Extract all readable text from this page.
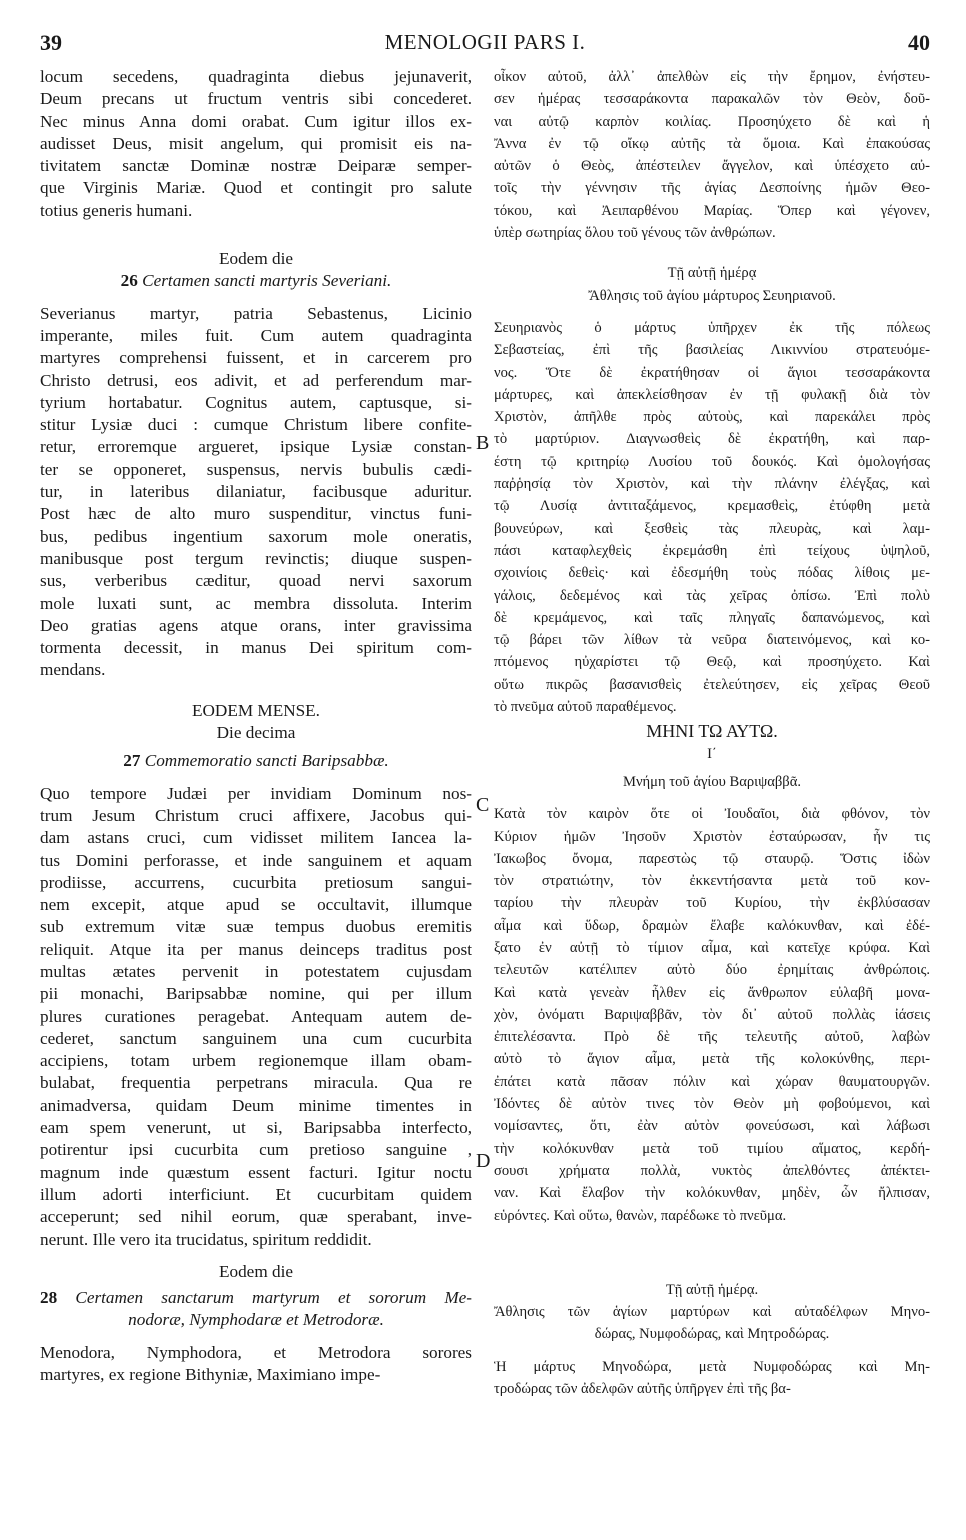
39	MENOLOGII PARS I.	40
B
C
D
locum secedens, quadraginta diebus jejunaverit,
Deum precans ut fructum ventris sibi concederet.
Nec minus Anna domi orabat. Cum igitur illos ex-
audisset Deus, misit angelum, qui promisit eis na-
tivitatem sanctæ Dominæ nostræ Deiparæ semper-
que Virginis Mariæ. Quod et contingit pro salute
totius generis humani.
Eodem die
26 Certamen sancti martyris Severiani.
Severianus martyr, patria Sebastenus, Licinio
imperante, miles fuit. Cum autem quadraginta
martyres comprehensi fuissent, et in carcerem pro
Christo detrusi, eos adivit, et ad perferendum mar-
tyrium hortabatur. Cognitus autem, captusque, si-
stitur Lysiæ duci : cumque Christum libere confite-
retur, erroremque argueret, ipsique Lysiæ constan-
ter se opponeret, suspensus, nervis bubulis cædi-
tur, in lateribus dilaniatur, facibusque aduritur.
Post hæc de alto muro suspenditur, vinctus funi-
bus, pedibus ingentium saxorum mole oneratis,
manibusque post tergum revinctis; diuque suspen-
sus, verberibus cæditur, quoad nervi saxorum
mole luxati sunt, ac membra dissoluta. Interim
Deo gratias agens atque orans, inter gravissima
tormenta decessit, in manus Dei spiritum com-
mendans.
EODEM MENSE.
Die decima
27 Commemoratio sancti Baripsabbæ.
Quo tempore Judæi per invidiam Dominum nos-
trum Jesum Christum cruci affixere, Jacobus qui-
dam astans cruci, cum vidisset militem Iancea la-
tus Domini perforasse, et inde sanguinem et aquam
prodiisse, accurrens, cucurbita pretiosum sangui-
nem excepit, atque apud se occultavit, illumque
sub extremum vitæ suæ tempus duobus eremitis
reliquit. Atque ita per manus deinceps traditus post
multas ætates pervenit in potestatem cujusdam
pii monachi, Baripsabbæ nomine, qui per illum
plures curationes peragebat. Antequam autem de-
cederet, sanctum sanguinem una cum cucurbita
accipiens, totam urbem regionemque illam obam-
bulabat, frequentia perpetrans miracula. Qua re
animadversa, quidam Deum minime timentes in
eam spem venerunt, ut si, Baripsabba interfecto,
potirentur ipsi cucurbita cum pretioso sanguine ,
magnum inde quæstum essent facturi. Igitur noctu
illum adorti interficiunt. Et cucurbitam quidem
acceperunt; sed nihil eorum, quæ sperabant, inve-
nerunt. Ille vero ita trucidatus, spiritum reddidit.
Eodem die
28 Certamen sanctarum martyrum et sororum Me-
nodoræ, Nymphodaræ et Metrodoræ.
Menodora, Nymphodora, et Metrodora sorores
martyres, ex regione Bithyniæ, Maximiano impe-
οἶκον αὐτοῦ, ἀλλ᾽ ἀπελθὼν εἰς τὴν ἔρημον, ἐνήστευ-
σεν ἡμέρας τεσσαράκοντα παρακαλῶν τὸν Θεὸν, δοῦ-
ναι αὐτῷ καρπὸν κοιλίας. Προσηύχετο δὲ καὶ ἡ
Ἄννα ἐν τῷ οἴκῳ αὐτῆς τὰ ὅμοια. Καὶ ἐπακούσας
αὐτῶν ὁ Θεὸς, ἀπέστειλεν ἄγγελον, καὶ ὑπέσχετο αὐ-
τοῖς τὴν γέννησιν τῆς ἁγίας Δεσποίνης ἡμῶν Θεο-
τόκου, καὶ Ἀειπαρθένου Μαρίας. Ὅπερ καὶ γέγονεν,
ὑπὲρ σωτηρίας ὅλου τοῦ γένους τῶν ἀνθρώπων.
Τῇ αὐτῇ ἡμέρᾳ
Ἄθλησις τοῦ ἁγίου μάρτυρος Σευηριανοῦ.
Σευηριανὸς ὁ μάρτυς ὑπῆρχεν ἐκ τῆς πόλεως
Σεβαστείας, ἐπὶ τῆς βασιλείας Λικιννίου στρατευόμε-
νος. Ὅτε δὲ ἐκρατήθησαν οἱ ἅγιοι τεσσαράκοντα
μάρτυρες, καὶ ἀπεκλείσθησαν ἐν τῇ φυλακῇ διὰ τὸν
Χριστὸν, ἀπῆλθε πρὸς αὐτοὺς, καὶ παρεκάλει πρὸς
τὸ μαρτύριον. Διαγνωσθεὶς δὲ ἐκρατήθη, καὶ παρ-
έστη τῷ κριτηρίῳ Λυσίου τοῦ δουκός. Καὶ ὁμολογήσας
παῤῥησίᾳ τὸν Χριστὸν, καὶ τὴν πλάνην ἐλέγξας, καὶ
τῷ Λυσίᾳ ἀντιταξάμενος, κρεμασθεὶς, ἐτύφθη μετὰ
βουνεύρων, καὶ ξεσθεὶς τὰς πλευρὰς, καὶ λαμ-
πάσι καταφλεχθεὶς ἐκρεμάσθη ἐπὶ τείχους ὑψηλοῦ,
σχοινίοις δεθεὶς· καὶ ἐδεσμήθη τοὺς πόδας λίθοις με-
γάλοις, δεδεμένος καὶ τὰς χεῖρας ὀπίσω. Ἐπὶ πολὺ
δὲ κρεμάμενος, καὶ ταῖς πληγαῖς δαπανώμενος, καὶ
τῷ βάρει τῶν λίθων τὰ νεῦρα διατεινόμενος, καὶ κο-
πτόμενος ηὐχαρίστει τῷ Θεῷ, καὶ προσηύχετο. Καὶ
οὕτω πικρῶς βασανισθεὶς ἐτελεύτησεν, εἰς χεῖρας Θεοῦ
τὸ πνεῦμα αὐτοῦ παραθέμενος.
ΜΗΝΙ ΤΩ ΑΥΤΩ.
Ι΄
Μνήμη τοῦ ἁγίου Βαριψαββᾶ.
Κατὰ τὸν καιρὸν ὅτε οἱ Ἰουδαῖοι, διὰ φθόνον, τὸν
Κύριον ἡμῶν Ἰησοῦν Χριστὸν ἐσταύρωσαν, ἦν τις
Ἰακωβος ὄνομα, παρεστὼς τῷ σταυρῷ. Ὅστις ἰδὼν
τὸν στρατιώτην, τὸν ἐκκεντήσαντα μετὰ τοῦ κον-
ταρίου τὴν πλευρὰν τοῦ Κυρίου, τὴν ἐκβλύσασαν
αἷμα καὶ ὕδωρ, δραμὼν ἔλαβε καλόκυνθαν, καὶ ἐδέ-
ξατο ἐν αὐτῇ τὸ τίμιον αἷμα, καὶ κατεῖχε κρύφα. Καὶ
τελευτῶν κατέλιπεν αὐτὸ δύο ἐρημίταις ἀνθρώποις.
Καὶ κατὰ γενεὰν ἦλθεν εἰς ἄνθρωπον εὐλαβῆ μονα-
χὸν, ὀνόματι Βαριψαββᾶν, τὸν δι᾽ αὐτοῦ πολλὰς ἰάσεις
ἐπιτελέσαντα. Πρὸ δὲ τῆς τελευτῆς αὐτοῦ, λαβὼν
αὐτὸ τὸ ἅγιον αἷμα, μετὰ τῆς κολοκύνθης, περι-
ἐπάτει κατὰ πᾶσαν πόλιν καὶ χώραν θαυματουργῶν.
Ἰδόντες δὲ αὐτὸν τινες τὸν Θεὸν μὴ φοβούμενοι, καὶ
νομίσαντες, ὅτι, ἐὰν αὐτὸν φονεύσωσι, καὶ λάβωσι
τὴν κολόκυνθαν μετὰ τοῦ τιμίου αἵματος, κερδή-
σουσι χρήματα πολλὰ, νυκτὸς ἀπελθόντες ἀπέκτει-
ναν. Καὶ ἔλαβον τὴν κολόκυνθαν, μηδὲν, ὧν ἤλπισαν,
εὑρόντες. Καὶ οὕτω, θανὼν, παρέδωκε τὸ πνεῦμα.
Τῇ αὐτῇ ἡμέρᾳ.
Ἄθλησις τῶν ἁγίων μαρτύρων καὶ αὐταδέλφων Μηνο-
δώρας, Νυμφοδώρας, καὶ Μητροδώρας.
Ἡ μάρτυς Μηνοδώρα, μετὰ Νυμφοδώρας καὶ Μη-
τροδώρας τῶν ἀδελφῶν αὐτῆς ὑπῆργεν ἐπὶ τῆς βα-
